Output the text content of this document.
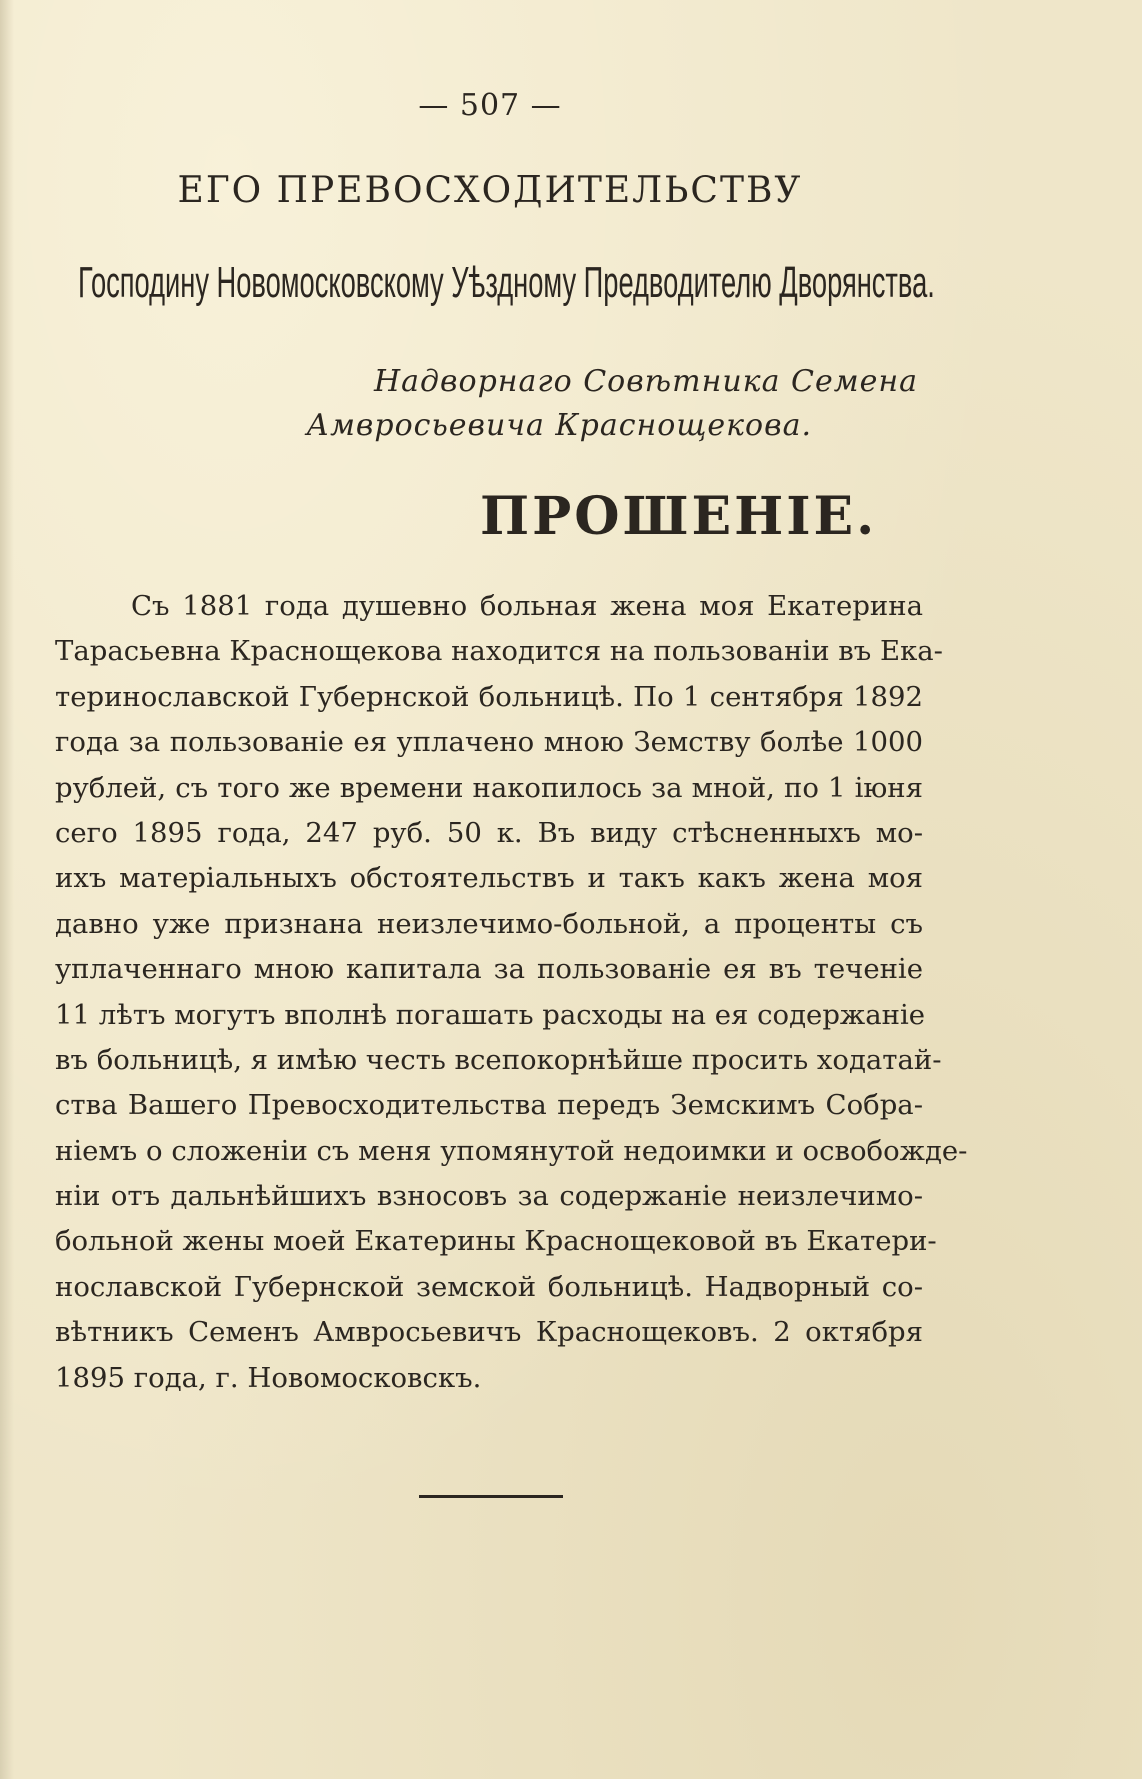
— 507 —
ЕГО ПРЕВОСХОДИТЕЛЬСТВУ
Господину Новомосковскому Уѣздному Предводителю Дворянства.
Надворнаго Совѣтника Семена
Амвросьевича Краснощекова.
ПРОШЕНІЕ.
Съ 1881 года душевно больная жена моя Екатерина
Тарасьевна Краснощекова находится на пользованіи въ Ека-
теринославской Губернской больницѣ. По 1 сентября 1892
года за пользованіе ея уплачено мною Земству болѣе 1000
рублей, съ того же времени накопилось за мной, по 1 іюня
сего 1895 года, 247 руб. 50 к. Въ виду стѣсненныхъ мо-
ихъ матеріальныхъ обстоятельствъ и такъ какъ жена моя
давно уже признана неизлечимо-больной, а проценты съ
уплаченнаго мною капитала за пользованіе ея въ теченіе
11 лѣтъ могутъ вполнѣ погашать расходы на ея содержаніе
въ больницѣ, я имѣю честь всепокорнѣйше просить ходатай-
ства Вашего Превосходительства передъ Земскимъ Собра-
ніемъ о сложеніи съ меня упомянутой недоимки и освобожде-
ніи отъ дальнѣйшихъ взносовъ за содержаніе неизлечимо-
больной жены моей Екатерины Краснощековой въ Екатери-
нославской Губернской земской больницѣ. Надворный со-
вѣтникъ Семенъ Амвросьевичъ Краснощековъ. 2 октября
1895 года, г. Новомосковскъ.
